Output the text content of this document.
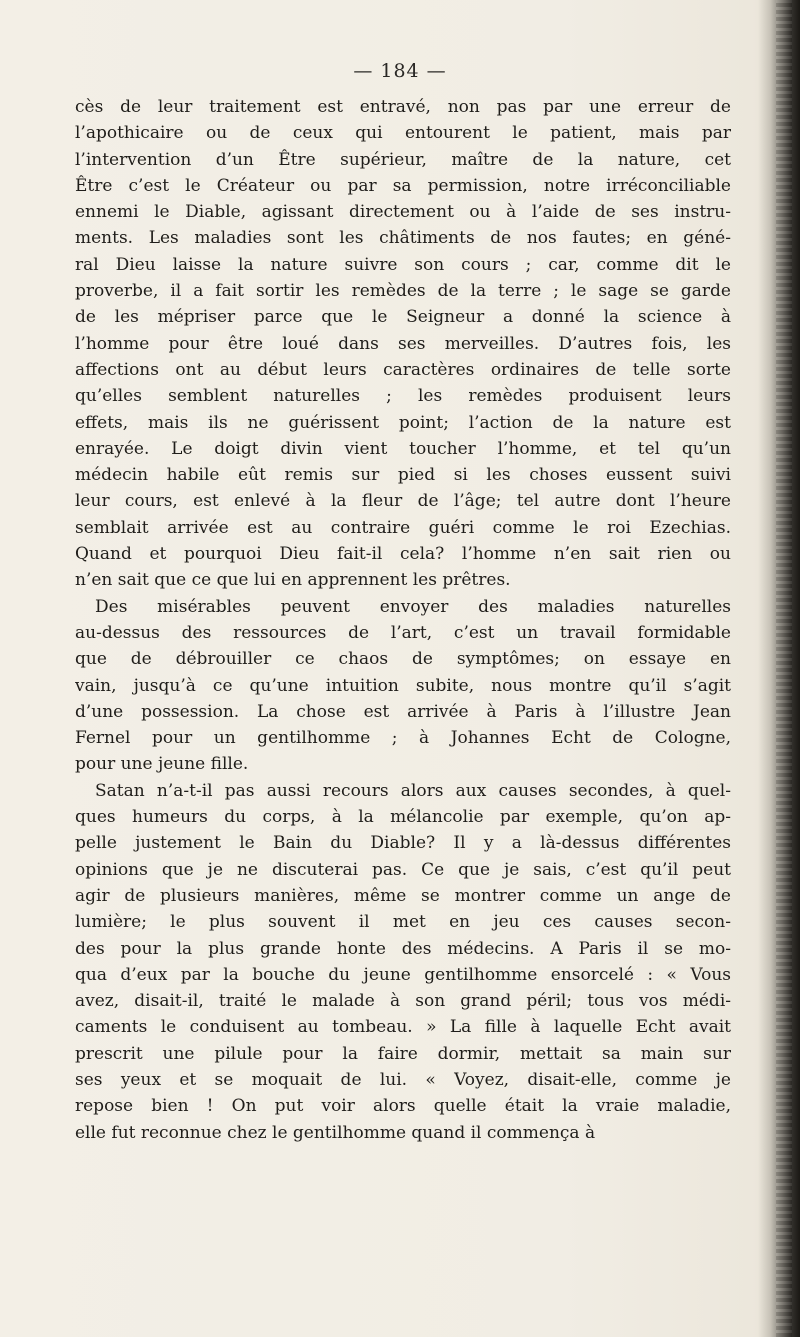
— 184 —
cès de leur traitement est entravé, non pas par une erreur de
l’apothicaire ou de ceux qui entourent le patient, mais par
l’intervention d’un Être supérieur, maître de la nature, cet
Être c’est le Créateur ou par sa permission, notre irréconciliable
ennemi le Diable, agissant directement ou à l’aide de ses instru-
ments. Les maladies sont les châtiments de nos fautes; en géné-
ral Dieu laisse la nature suivre son cours ; car, comme dit le
proverbe, il a fait sortir les remèdes de la terre ; le sage se garde
de les mépriser parce que le Seigneur a donné la science à
l’homme pour être loué dans ses merveilles. D’autres fois, les
affections ont au début leurs caractères ordinaires de telle sorte
qu’elles semblent naturelles ; les remèdes produisent leurs
effets, mais ils ne guérissent point; l’action de la nature est
enrayée. Le doigt divin vient toucher l’homme, et tel qu’un
médecin habile eût remis sur pied si les choses eussent suivi
leur cours, est enlevé à la fleur de l’âge; tel autre dont l’heure
semblait arrivée est au contraire guéri comme le roi Ezechias.
Quand et pourquoi Dieu fait-il cela? l’homme n’en sait rien ou
n’en sait que ce que lui en apprennent les prêtres.
Des misérables peuvent envoyer des maladies naturelles
au-dessus des ressources de l’art, c’est un travail formidable
que de débrouiller ce chaos de symptômes; on essaye en
vain, jusqu’à ce qu’une intuition subite, nous montre qu’il s’agit
d’une possession. La chose est arrivée à Paris à l’illustre Jean
Fernel pour un gentilhomme ; à Johannes Echt de Cologne,
pour une jeune fille.
Satan n’a-t-il pas aussi recours alors aux causes secondes, à quel-
ques humeurs du corps, à la mélancolie par exemple, qu’on ap-
pelle justement le Bain du Diable? Il y a là-dessus différentes
opinions que je ne discuterai pas. Ce que je sais, c’est qu’il peut
agir de plusieurs manières, même se montrer comme un ange de
lumière; le plus souvent il met en jeu ces causes secon-
des pour la plus grande honte des médecins. A Paris il se mo-
qua d’eux par la bouche du jeune gentilhomme ensorcelé : « Vous
avez, disait-il, traité le malade à son grand péril; tous vos médi-
caments le conduisent au tombeau. » La fille à laquelle Echt avait
prescrit une pilule pour la faire dormir, mettait sa main sur
ses yeux et se moquait de lui. « Voyez, disait-elle, comme je
repose bien ! On put voir alors quelle était la vraie maladie,
elle fut reconnue chez le gentilhomme quand il commença à
